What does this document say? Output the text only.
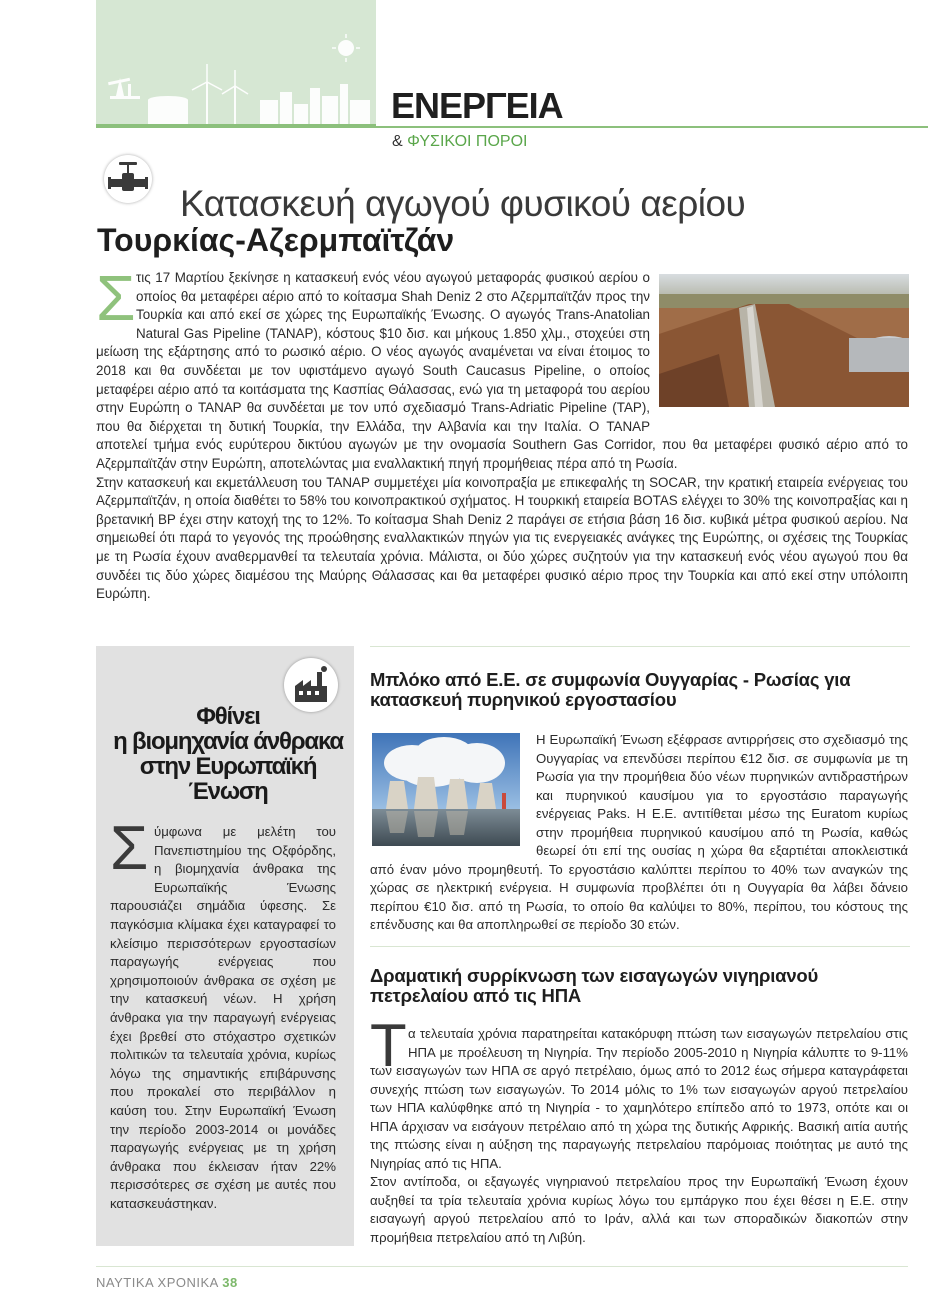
ΕΝΕΡΓΕΙΑ
& ΦΥΣΙΚΟΙ ΠΟΡΟΙ
Κατασκευή αγωγού φυσικού αερίου
Τουρκίας-Αζερμπαϊτζάν
Σ τις 17 Μαρτίου ξεκίνησε η κατασκευή ενός νέου αγωγού μεταφοράς φυσικού αερίου ο οποίος θα μεταφέρει αέριο από το κοίτασμα Shah Deniz 2 στο Αζερμπαϊτζάν προς την Τουρκία και από εκεί σε χώρες της Ευρωπαϊκής Ένωσης. Ο αγωγός Trans-Anatolian Natural Gas Pipeline (TANAP), κόστους $10 δισ. και μήκους 1.850 χλμ., στοχεύει στη μείωση της εξάρτησης από το ρωσικό αέριο. Ο νέος αγωγός αναμένεται να είναι έτοιμος το 2018 και θα συνδέεται με τον υφιστάμενο αγωγό South Caucasus Pipeline, ο οποίος μεταφέρει αέριο από τα κοιτάσματα της Κασπίας Θάλασσας, ενώ για τη μεταφορά του αερίου στην Ευρώπη ο TANAP θα συνδέεται με τον υπό σχεδιασμό Trans-Adriatic Pipeline (TAP), που θα διέρχεται τη δυτική Τουρκία, την Ελλάδα, την Αλβανία και την Ιταλία. Ο TANAP αποτελεί τμήμα ενός ευρύτερου δικτύου αγωγών με την ονομασία Southern Gas Corridor, που θα μεταφέρει φυσικό αέριο από το Αζερμπαϊτζάν στην Ευρώπη, αποτελώντας μια εναλλακτική πηγή προμήθειας πέρα από τη Ρωσία.
Στην κατασκευή και εκμετάλλευση του TANAP συμμετέχει μία κοινοπραξία με επικεφαλής τη SOCAR, την κρατική εταιρεία ενέργειας του Αζερμπαϊτζάν, η οποία διαθέτει το 58% του κοινοπρακτικού σχήματος. Η τουρκική εταιρεία BOTAS ελέγχει το 30% της κοινοπραξίας και η βρετανική BP έχει στην κατοχή της το 12%. Το κοίτασμα Shah Deniz 2 παράγει σε ετήσια βάση 16 δισ. κυβικά μέτρα φυσικού αερίου. Να σημειωθεί ότι παρά το γεγονός της προώθησης εναλλακτικών πηγών για τις ενεργειακές ανάγκες της Ευρώπης, οι σχέσεις της Τουρκίας με τη Ρωσία έχουν αναθερμανθεί τα τελευταία χρόνια. Μάλιστα, οι δύο χώρες συζητούν για την κατασκευή ενός νέου αγωγού που θα συνδέει τις δύο χώρες διαμέσου της Μαύρης Θάλασσας και θα μεταφέρει φυσικό αέριο προς την Τουρκία και από εκεί στην υπόλοιπη Ευρώπη.
Φθίνει
η βιομηχανία άνθρακα
στην Ευρωπαϊκή
Ένωση
Σ ύμφωνα με μελέτη του Πανεπιστημίου της Οξφόρδης, η βιομηχανία άνθρακα της Ευρωπαϊκής Ένωσης παρουσιάζει σημάδια ύφεσης. Σε παγκόσμια κλίμακα έχει καταγραφεί το κλείσιμο περισσότερων εργοστασίων παραγωγής ενέργειας που χρησιμοποιούν άνθρακα σε σχέση με την κατασκευή νέων. Η χρήση άνθρακα για την παραγωγή ενέργειας έχει βρεθεί στο στόχαστρο σχετικών πολιτικών τα τελευταία χρόνια, κυρίως λόγω της σημαντικής επιβάρυνσης που προκαλεί στο περιβάλλον η καύση του. Στην Ευρωπαϊκή Ένωση την περίοδο 2003-2014 οι μονάδες παραγωγής ενέργειας με τη χρήση άνθρακα που έκλεισαν ήταν 22% περισσότερες σε σχέση με αυτές που κατασκευάστηκαν.
Μπλόκο από Ε.Ε. σε συμφωνία Ουγγαρίας - Ρωσίας για κατασκευή πυρηνικού εργοστασίου
Η Ευρωπαϊκή Ένωση εξέφρασε αντιρρήσεις στο σχεδιασμό της Ουγγαρίας να επενδύσει περίπου €12 δισ. σε συμφωνία με τη Ρωσία για την προμήθεια δύο νέων πυρηνικών αντιδραστήρων και πυρηνικού καυσίμου για το εργοστάσιο παραγωγής ενέργειας Paks. Η Ε.Ε. αντιτίθεται μέσω της Euratom κυρίως στην προμήθεια πυρηνικού καυσίμου από τη Ρωσία, καθώς θεωρεί ότι επί της ουσίας η χώρα θα εξαρτιέται αποκλειστικά από έναν μόνο προμηθευτή. Το εργοστάσιο καλύπτει περίπου το 40% των αναγκών της χώρας σε ηλεκτρική ενέργεια. Η συμφωνία προβλέπει ότι η Ουγγαρία θα λάβει δάνειο περίπου €10 δισ. από τη Ρωσία, το οποίο θα καλύψει το 80%, περίπου, του κόστους της επένδυσης και θα αποπληρωθεί σε περίοδο 30 ετών.
Δραματική συρρίκνωση των εισαγωγών νιγηριανού πετρελαίου από τις ΗΠΑ
Τ α τελευταία χρόνια παρατηρείται κατακόρυφη πτώση των εισαγωγών πετρελαίου στις ΗΠΑ με προέλευση τη Νιγηρία. Την περίοδο 2005-2010 η Νιγηρία κάλυπτε το 9-11% των εισαγωγών των ΗΠΑ σε αργό πετρέλαιο, όμως από το 2012 έως σήμερα καταγράφεται συνεχής πτώση των εισαγωγών. Το 2014 μόλις το 1% των εισαγωγών αργού πετρελαίου των ΗΠΑ καλύφθηκε από τη Νιγηρία - το χαμηλότερο επίπεδο από το 1973, οπότε και οι ΗΠΑ άρχισαν να εισάγουν πετρέλαιο από τη χώρα της δυτικής Αφρικής. Βασική αιτία αυτής της πτώσης είναι η αύξηση της παραγωγής πετρελαίου παρόμοιας ποιότητας με αυτό της Νιγηρίας από τις ΗΠΑ.

Στον αντίποδα, οι εξαγωγές νιγηριανού πετρελαίου προς την Ευρωπαϊκή Ένωση έχουν αυξηθεί τα τρία τελευταία χρόνια κυρίως λόγω του εμπάργκο που έχει θέσει η Ε.Ε. στην εισαγωγή αργού πετρελαίου από το Ιράν, αλλά και των σποραδικών διακοπών στην προμήθεια πετρελαίου από τη Λιβύη.

ΝΑΥΤΙΚΑ ΧΡΟΝΙΚΑ 38
